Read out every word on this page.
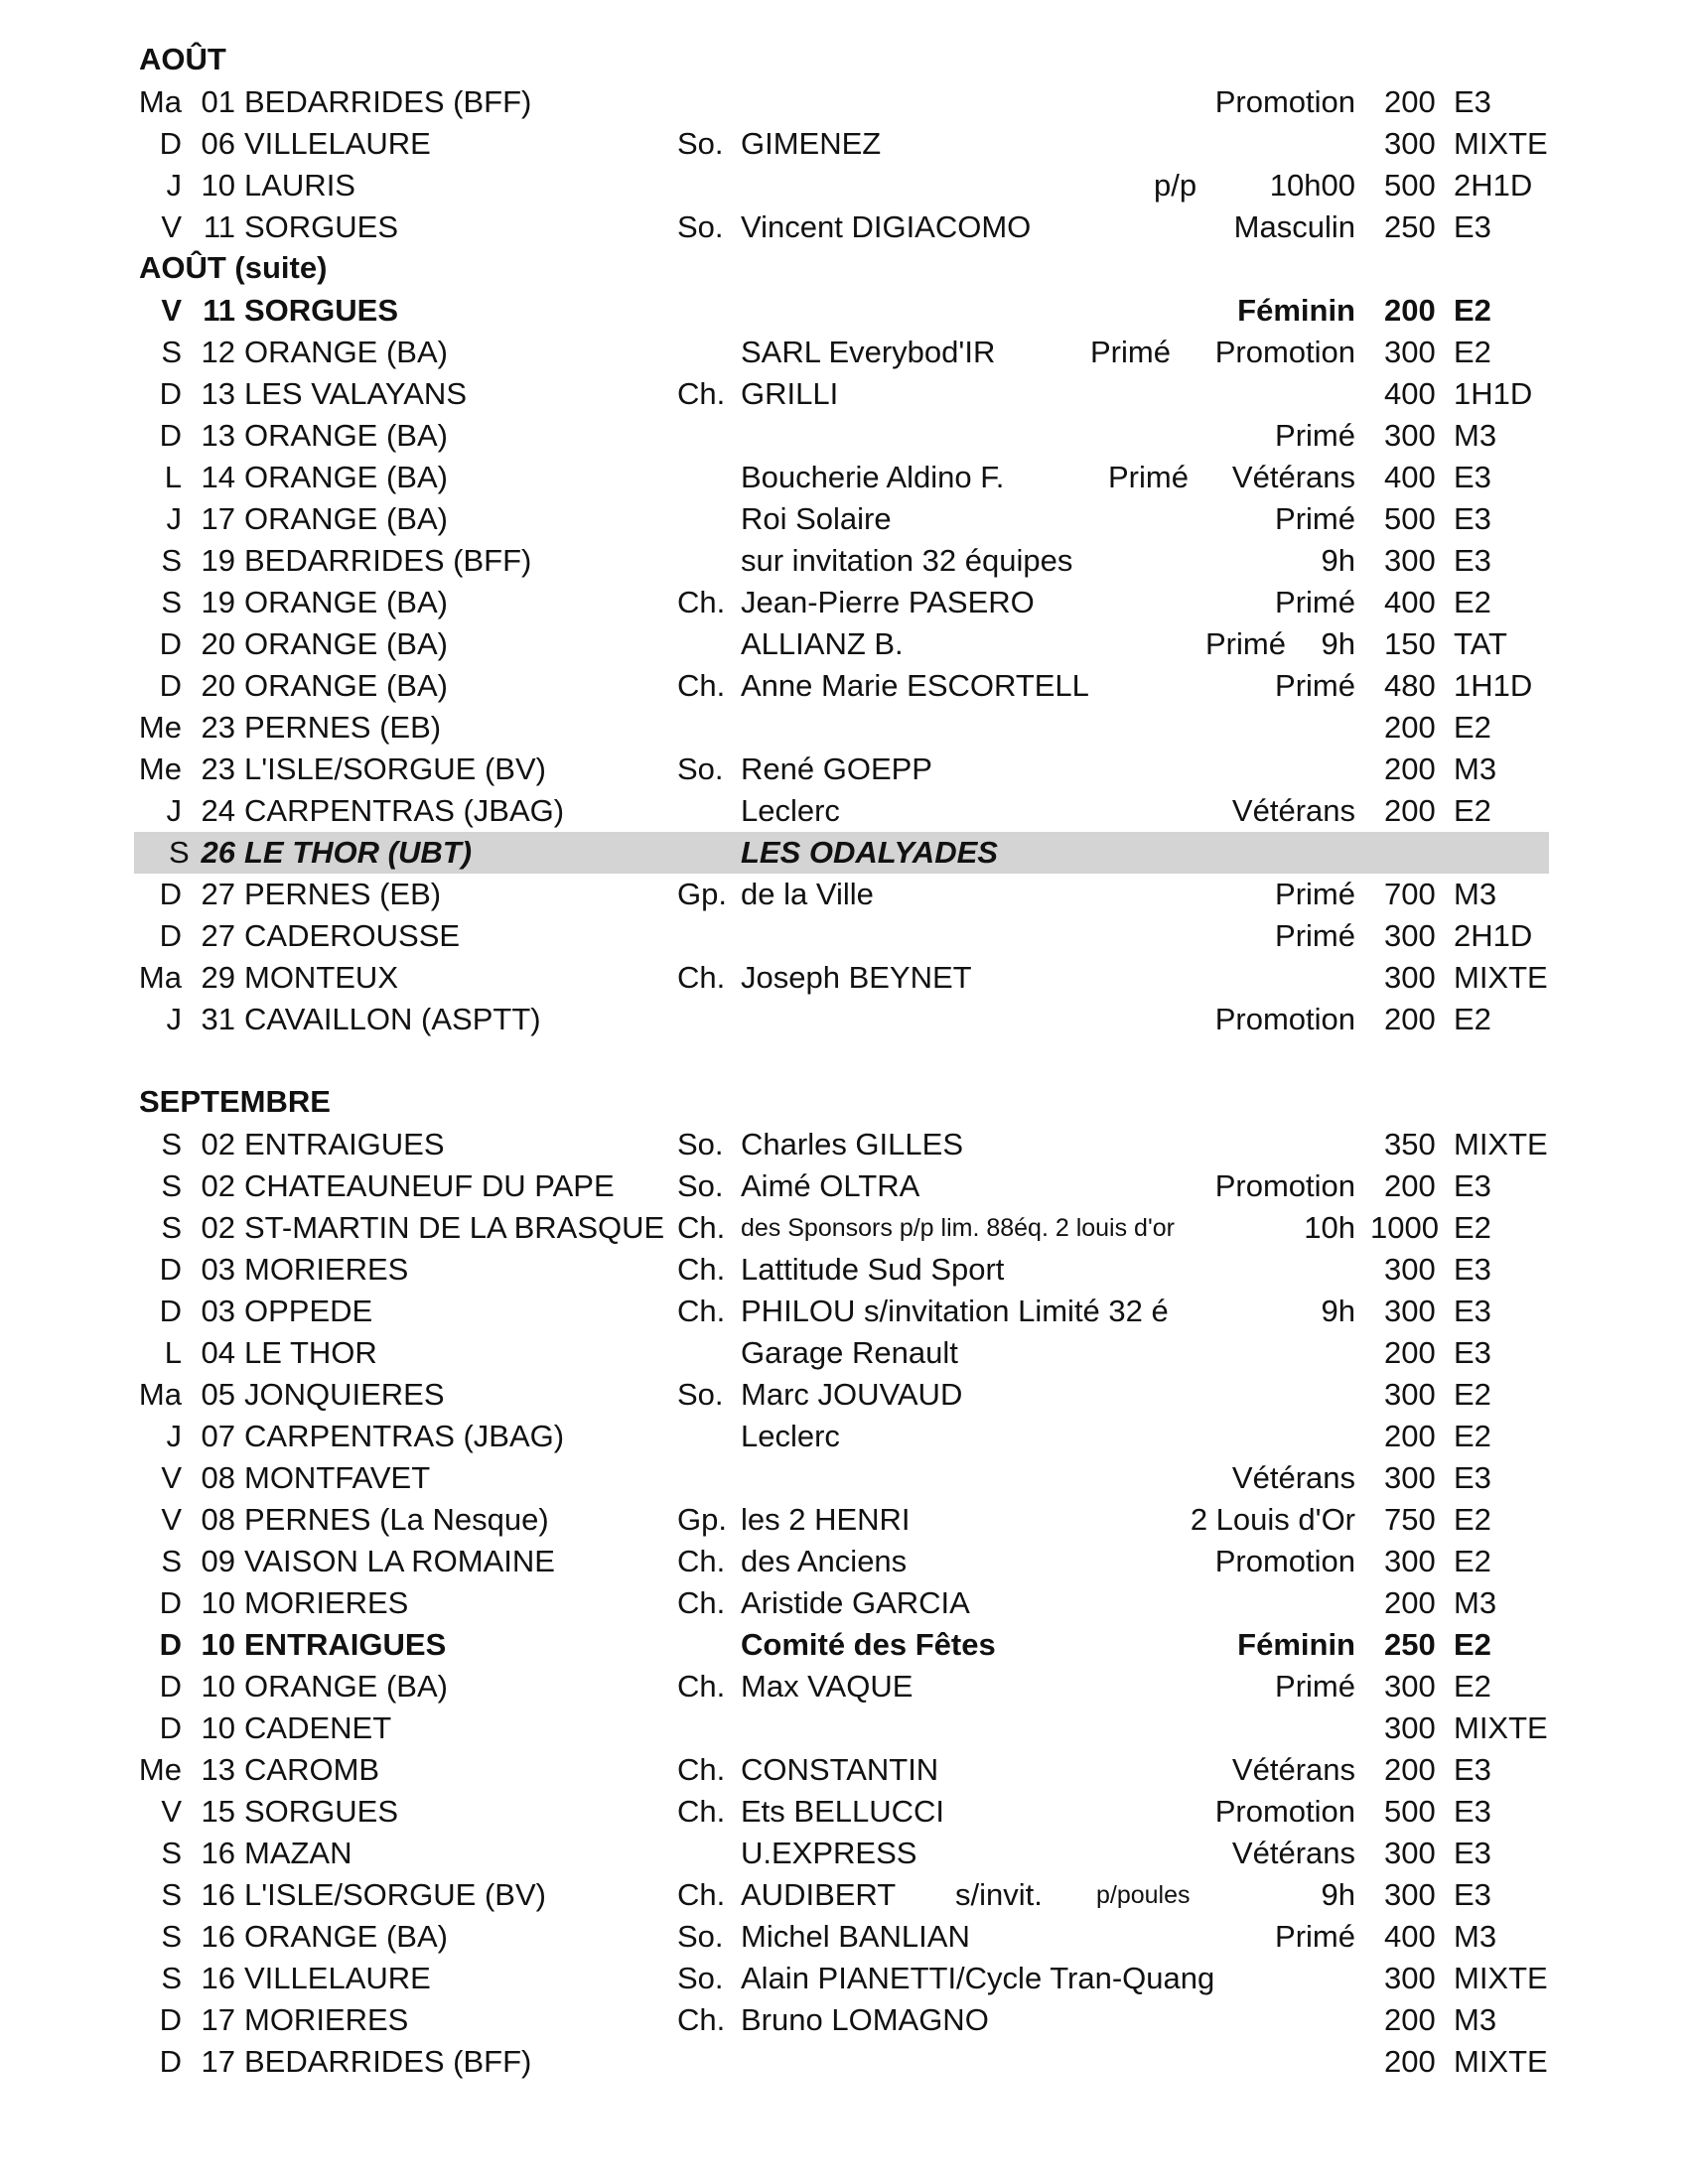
AOÛT
Ma 01 BEDARRIDES (BFF)	Promotion 200 E3
D 06 VILLELAURE	So. GIMENEZ	300 MIXTE
J 10 LAURIS	p/p 10h00 500 2H1D
V 11 SORGUES	So. Vincent DIGIACOMO	Masculin 250 E3
AOÛT (suite)
V 11 SORGUES	Féminin 200 E2
S 12 ORANGE (BA)	SARL Everybod'IR	Primé Promotion 300 E2
D 13 LES VALAYANS	Ch. GRILLI	400 1H1D
D 13 ORANGE (BA)	Primé 300 M3
L 14 ORANGE (BA)	Boucherie Aldino F.	Primé Vétérans 400 E3
J 17 ORANGE (BA)	Roi Solaire	Primé 500 E3
S 19 BEDARRIDES (BFF)	sur invitation 32 équipes	9h 300 E3
S 19 ORANGE (BA)	Ch. Jean-Pierre PASERO	Primé 400 E2
D 20 ORANGE (BA)	ALLIANZ B.	Primé 9h 150 TAT
D 20 ORANGE (BA)	Ch. Anne Marie ESCORTELL	Primé 480 1H1D
Me 23 PERNES (EB)	200 E2
Me 23 L'ISLE/SORGUE (BV)	So. René GOEPP	200 M3
J 24 CARPENTRAS (JBAG)	Leclerc	Vétérans 200 E2
S 26 LE THOR (UBT)	LES ODALYADES
D 27 PERNES (EB)	Gp. de la Ville	Primé 700 M3
D 27 CADEROUSSE	Primé 300 2H1D
Ma 29 MONTEUX	Ch. Joseph BEYNET	300 MIXTE
J 31 CAVAILLON (ASPTT)	Promotion 200 E2
SEPTEMBRE
S 02 ENTRAIGUES	So. Charles GILLES	350 MIXTE
S 02 CHATEAUNEUF DU PAPE So. Aimé OLTRA	Promotion 200 E3
S 02 ST-MARTIN DE LA BRASQUE Ch. des Sponsors p/p lim. 88éq. 2 louis d'or	10h 1000 E2
D 03 MORIERES	Ch. Lattitude Sud Sport	300 E3
D 03 OPPEDE	Ch. PHILOU s/invitation Limité 32 é	9h 300 E3
L 04 LE THOR	Garage Renault	200 E3
Ma 05 JONQUIERES	So. Marc JOUVAUD	300 E2
J 07 CARPENTRAS (JBAG)	Leclerc	200 E2
V 08 MONTFAVET	Vétérans 300 E3
V 08 PERNES (La Nesque)	Gp. les 2 HENRI	2 Louis d'Or 750 E2
S 09 VAISON LA ROMAINE	Ch. des Anciens	Promotion 300 E2
D 10 MORIERES	Ch. Aristide GARCIA	200 M3
D 10 ENTRAIGUES	Comité des Fêtes	Féminin 250 E2
D 10 ORANGE (BA)	Ch. Max VAQUE	Primé 300 E2
D 10 CADENET	300 MIXTE
Me 13 CAROMB	Ch. CONSTANTIN	Vétérans 200 E3
V 15 SORGUES	Ch. Ets BELLUCCI	Promotion 500 E3
S 16 MAZAN	U.EXPRESS	Vétérans 300 E3
S 16 L'ISLE/SORGUE (BV)	Ch. AUDIBERT s/invit. p/poules	9h 300 E3
S 16 ORANGE (BA)	So. Michel BANLIAN	Primé 400 M3
S 16 VILLELAURE	So. Alain PIANETTI/Cycle Tran-Quang	300 MIXTE
D 17 MORIERES	Ch. Bruno LOMAGNO	200 M3
D 17 BEDARRIDES (BFF)	200 MIXTE
